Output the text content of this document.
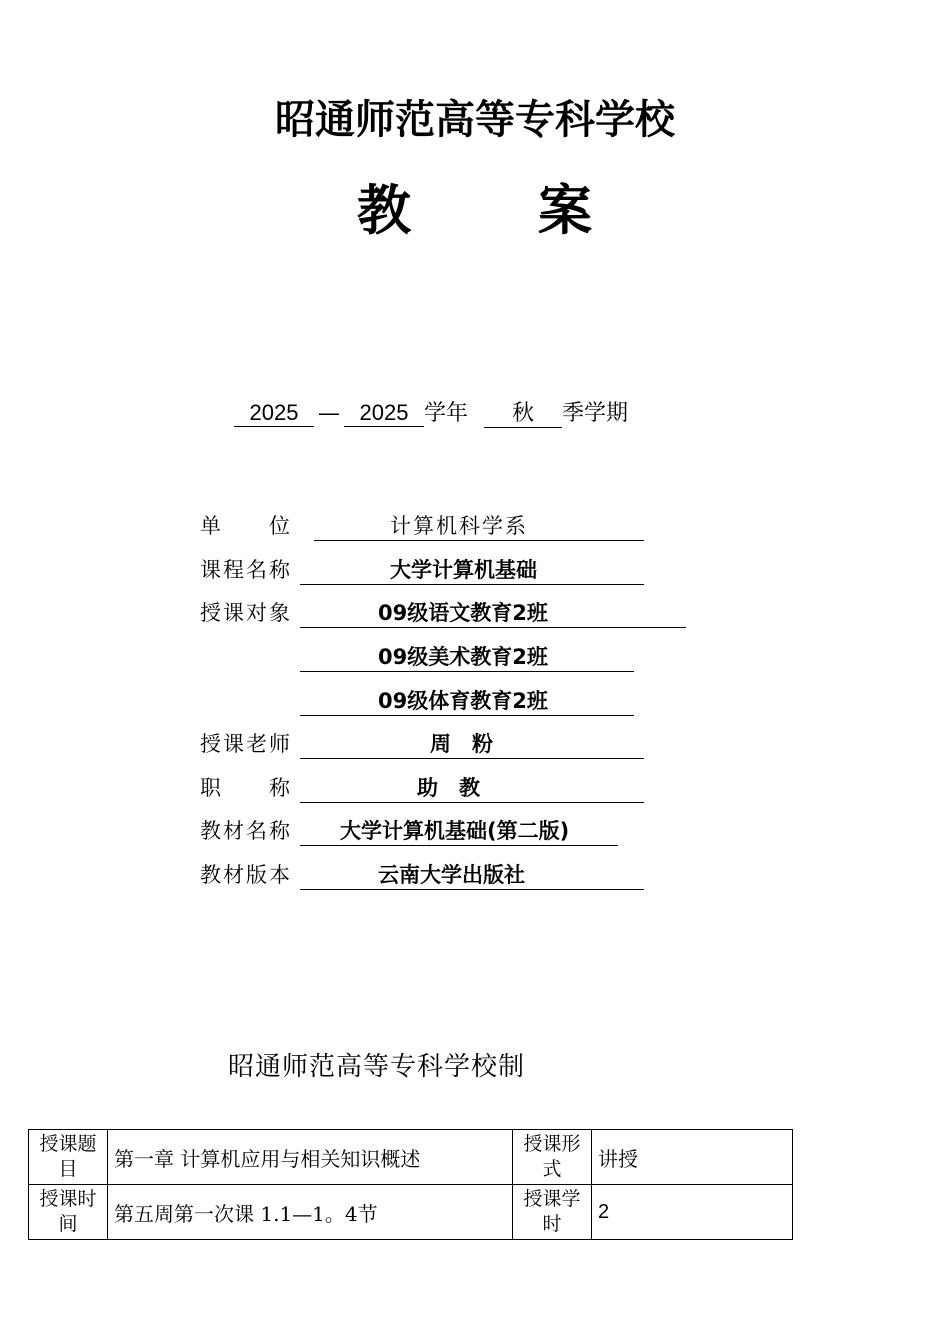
昭通师范高等专科学校
教 案
2025 — 2025 学年 秋 季学期
单　　位	计算机科学系
课程名称	大学计算机基础
授课对象	09级语文教育2班
09级美术教育2班
09级体育教育2班
授课老师	周　粉
职　　称	助　教
教材名称 大学计算机基础(第二版)
教材版本	云南大学出版社
昭通师范高等专科学校制
授课题目	第一章 计算机应用与相关知识概述	授课形式	讲授
授课时间	第五周第一次课 1.1—1。4节	授课学时	2
